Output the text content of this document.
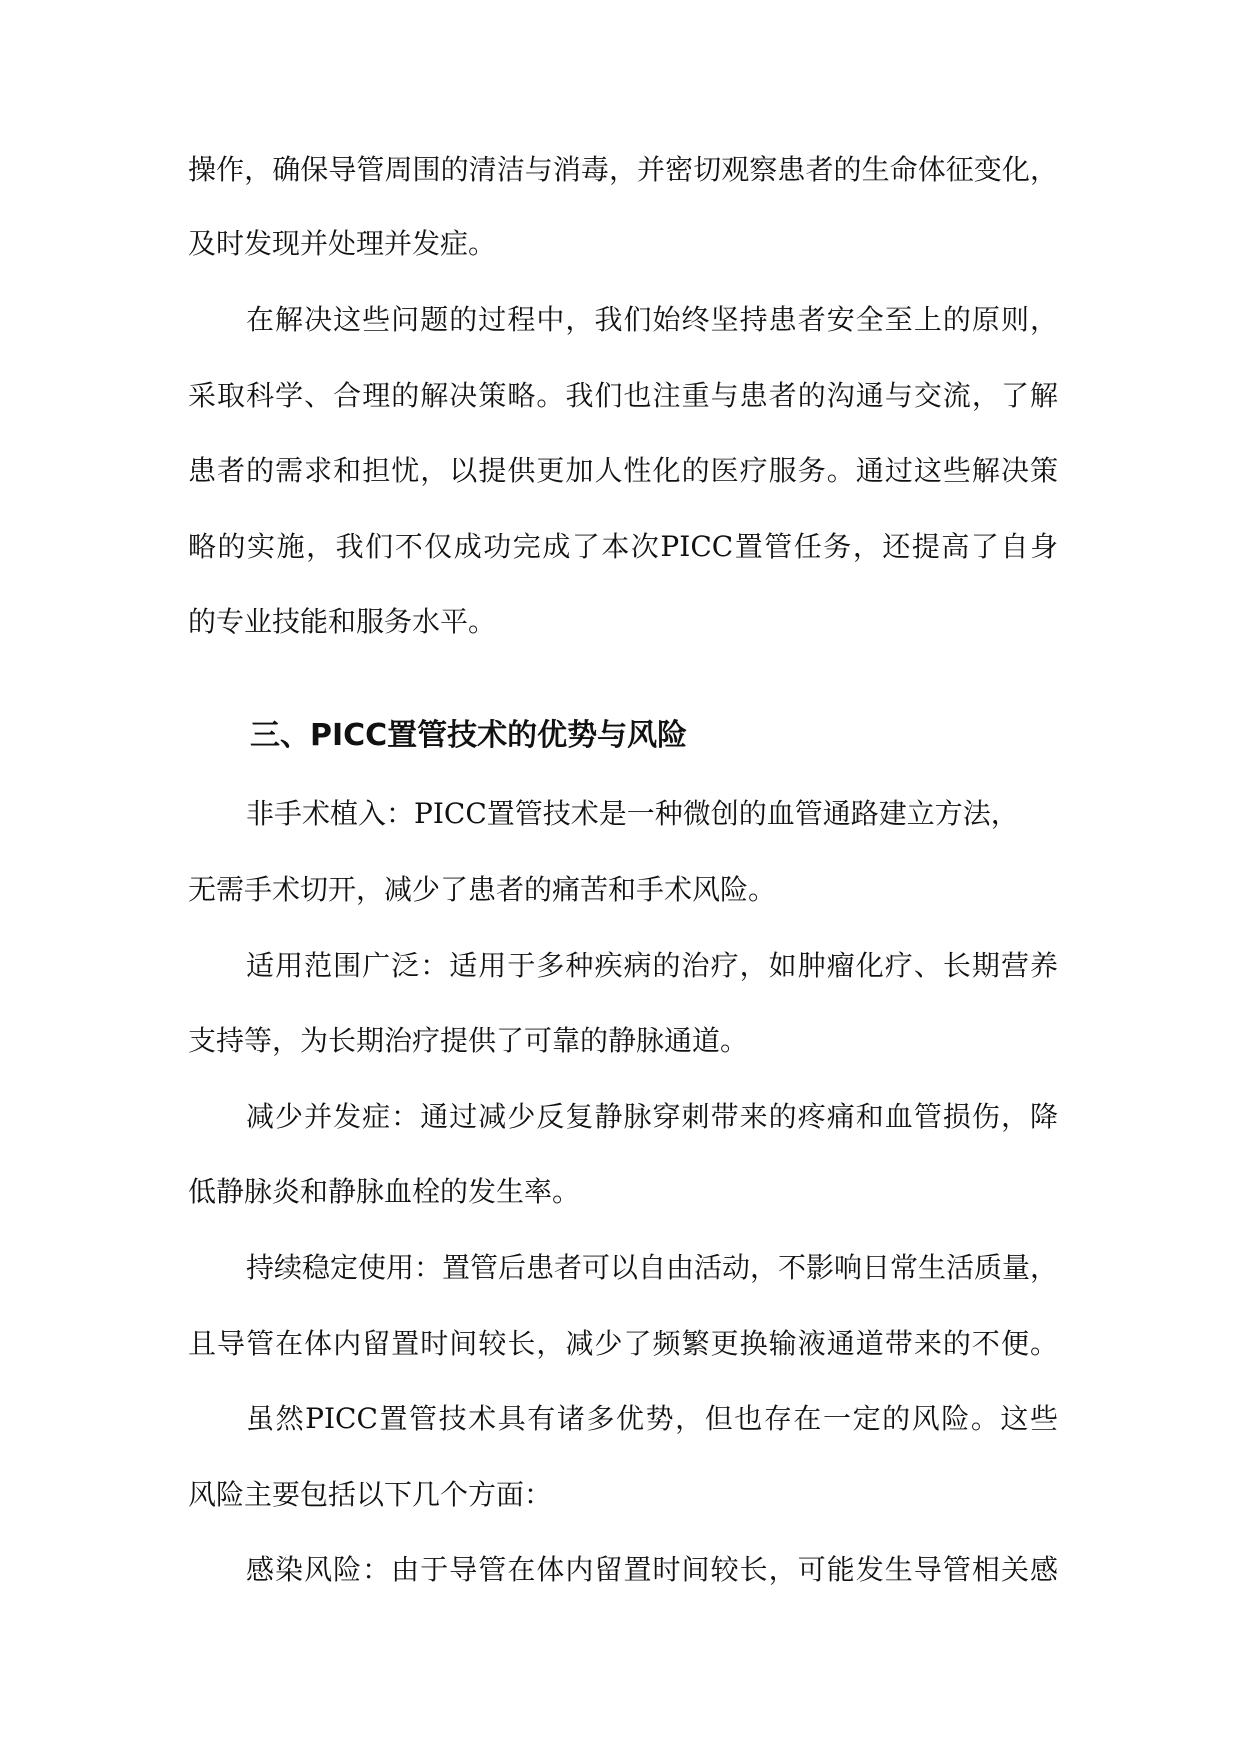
操作，确保导管周围的清洁与消毒，并密切观察患者的生命体征变化，
及时发现并处理并发症。
在解决这些问题的过程中，我们始终坚持患者安全至上的原则，
采取科学、合理的解决策略。我们也注重与患者的沟通与交流，了解
患者的需求和担忧，以提供更加人性化的医疗服务。通过这些解决策
略的实施，我们不仅成功完成了本次PICC置管任务，还提高了自身
的专业技能和服务水平。
三、PICC置管技术的优势与风险
非手术植入：PICC置管技术是一种微创的血管通路建立方法，
无需手术切开，减少了患者的痛苦和手术风险。
适用范围广泛：适用于多种疾病的治疗，如肿瘤化疗、长期营养
支持等，为长期治疗提供了可靠的静脉通道。
减少并发症：通过减少反复静脉穿刺带来的疼痛和血管损伤，降
低静脉炎和静脉血栓的发生率。
持续稳定使用：置管后患者可以自由活动，不影响日常生活质量，
且导管在体内留置时间较长，减少了频繁更换输液通道带来的不便。
虽然PICC置管技术具有诸多优势，但也存在一定的风险。这些
风险主要包括以下几个方面：
感染风险：由于导管在体内留置时间较长，可能发生导管相关感
